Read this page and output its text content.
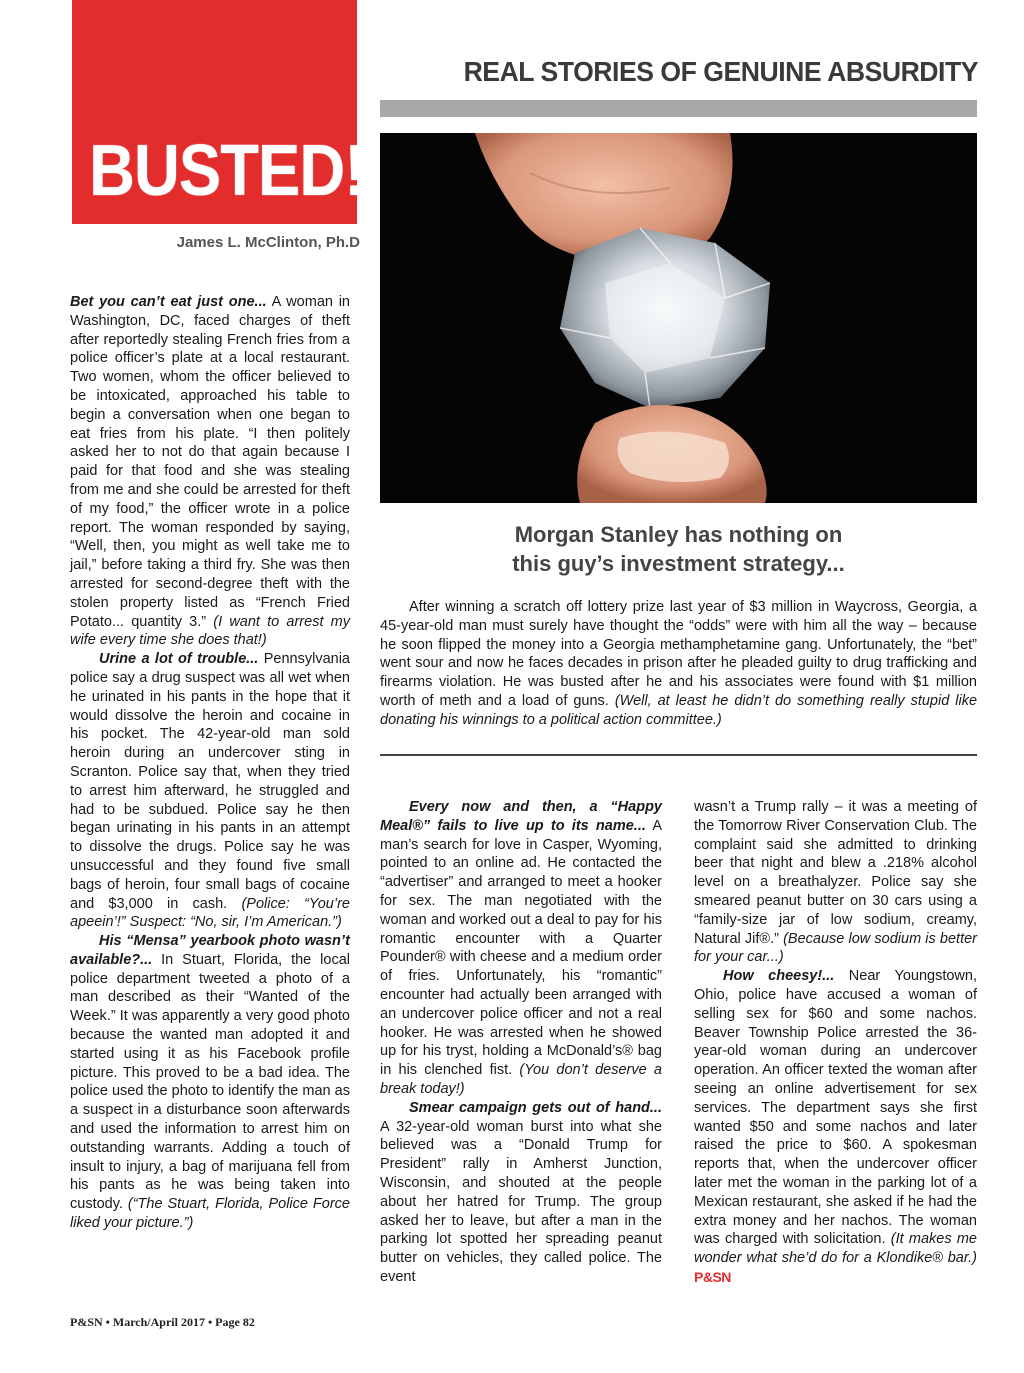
BUSTED!
James L. McClinton, Ph.D
REAL STORIES OF GENUINE ABSURDITY
Morgan Stanley has nothing on
this guy’s investment strategy...
After winning a scratch off lottery prize last year of $3 million in Waycross, Georgia, a 45-year-old man must surely have thought the “odds” were with him all the way – because he soon flipped the money into a Georgia methamphetamine gang. Unfortunately, the “bet” went sour and now he faces decades in prison after he pleaded guilty to drug trafficking and firearms violation. He was busted after he and his associates were found with $1 million worth of meth and a load of guns. (Well, at least he didn’t do something really stupid like donating his winnings to a political action committee.)

Bet you can’t eat just one... A woman in Washington, DC, faced charges of theft after reportedly stealing French fries from a police officer’s plate at a local restaurant. Two women, whom the officer believed to be intoxicated, approached his table to begin a conversation when one began to eat fries from his plate. “I then politely asked her to not do that again because I paid for that food and she was stealing from me and she could be arrested for theft of my food,” the officer wrote in a police report. The woman responded by saying, “Well, then, you might as well take me to jail,” before taking a third fry. She was then arrested for second-degree theft with the stolen property listed as “French Fried Potato... quantity 3.” (I want to arrest my wife every time she does that!)

Urine a lot of trouble... Pennsylvania police say a drug suspect was all wet when he urinated in his pants in the hope that it would dissolve the heroin and cocaine in his pocket. The 42-year-old man sold heroin during an undercover sting in Scranton. Police say that, when they tried to arrest him afterward, he struggled and had to be subdued. Police say he then began urinating in his pants in an attempt to dissolve the drugs. Police say he was unsuccessful and they found five small bags of heroin, four small bags of cocaine and $3,000 in cash. (Police: “You’re apeein’!” Suspect: “No, sir, I’m American.”)

His “Mensa” yearbook photo wasn’t available?... In Stuart, Florida, the local police department tweeted a photo of a man described as their “Wanted of the Week.” It was apparently a very good photo because the wanted man adopted it and started using it as his Facebook profile picture. This proved to be a bad idea. The police used the photo to identify the man as a suspect in a disturbance soon afterwards and used the information to arrest him on outstanding warrants. Adding a touch of insult to injury, a bag of marijuana fell from his pants as he was being taken into custody. (“The Stuart, Florida, Police Force liked your picture.”)

Every now and then, a “Happy Meal®” fails to live up to its name... A man’s search for love in Casper, Wyoming, pointed to an online ad. He contacted the “advertiser” and arranged to meet a hooker for sex. The man negotiated with the woman and worked out a deal to pay for his romantic encounter with a Quarter Pounder® with cheese and a medium order of fries. Unfortunately, his “romantic” encounter had actually been arranged with an undercover police officer and not a real hooker. He was arrested when he showed up for his tryst, holding a McDonald’s® bag in his clenched fist. (You don’t deserve a break today!)

Smear campaign gets out of hand... A 32-year-old woman burst into what she believed was a “Donald Trump for President” rally in Amherst Junction, Wisconsin, and shouted at the people about her hatred for Trump. The group asked her to leave, but after a man in the parking lot spotted her spreading peanut butter on vehicles, they called police. The event

wasn’t a Trump rally – it was a meeting of the Tomorrow River Conservation Club. The complaint said she admitted to drinking beer that night and blew a .218% alcohol level on a breathalyzer. Police say she smeared peanut butter on 30 cars using a “family-size jar of low sodium, creamy, Natural Jif®.” (Because low sodium is better for your car...)

How cheesy!... Near Youngstown, Ohio, police have accused a woman of selling sex for $60 and some nachos. Beaver Township Police arrested the 36-year-old woman during an undercover operation. An officer texted the woman after seeing an online advertisement for sex services. The department says she first wanted $50 and some nachos and later raised the price to $60. A spokesman reports that, when the undercover officer later met the woman in the parking lot of a Mexican restaurant, she asked if he had the extra money and her nachos. The woman was charged with solicitation. (It makes me wonder what she’d do for a Klondike® bar.) P&SN

P&SN • March/April 2017 • Page 82
